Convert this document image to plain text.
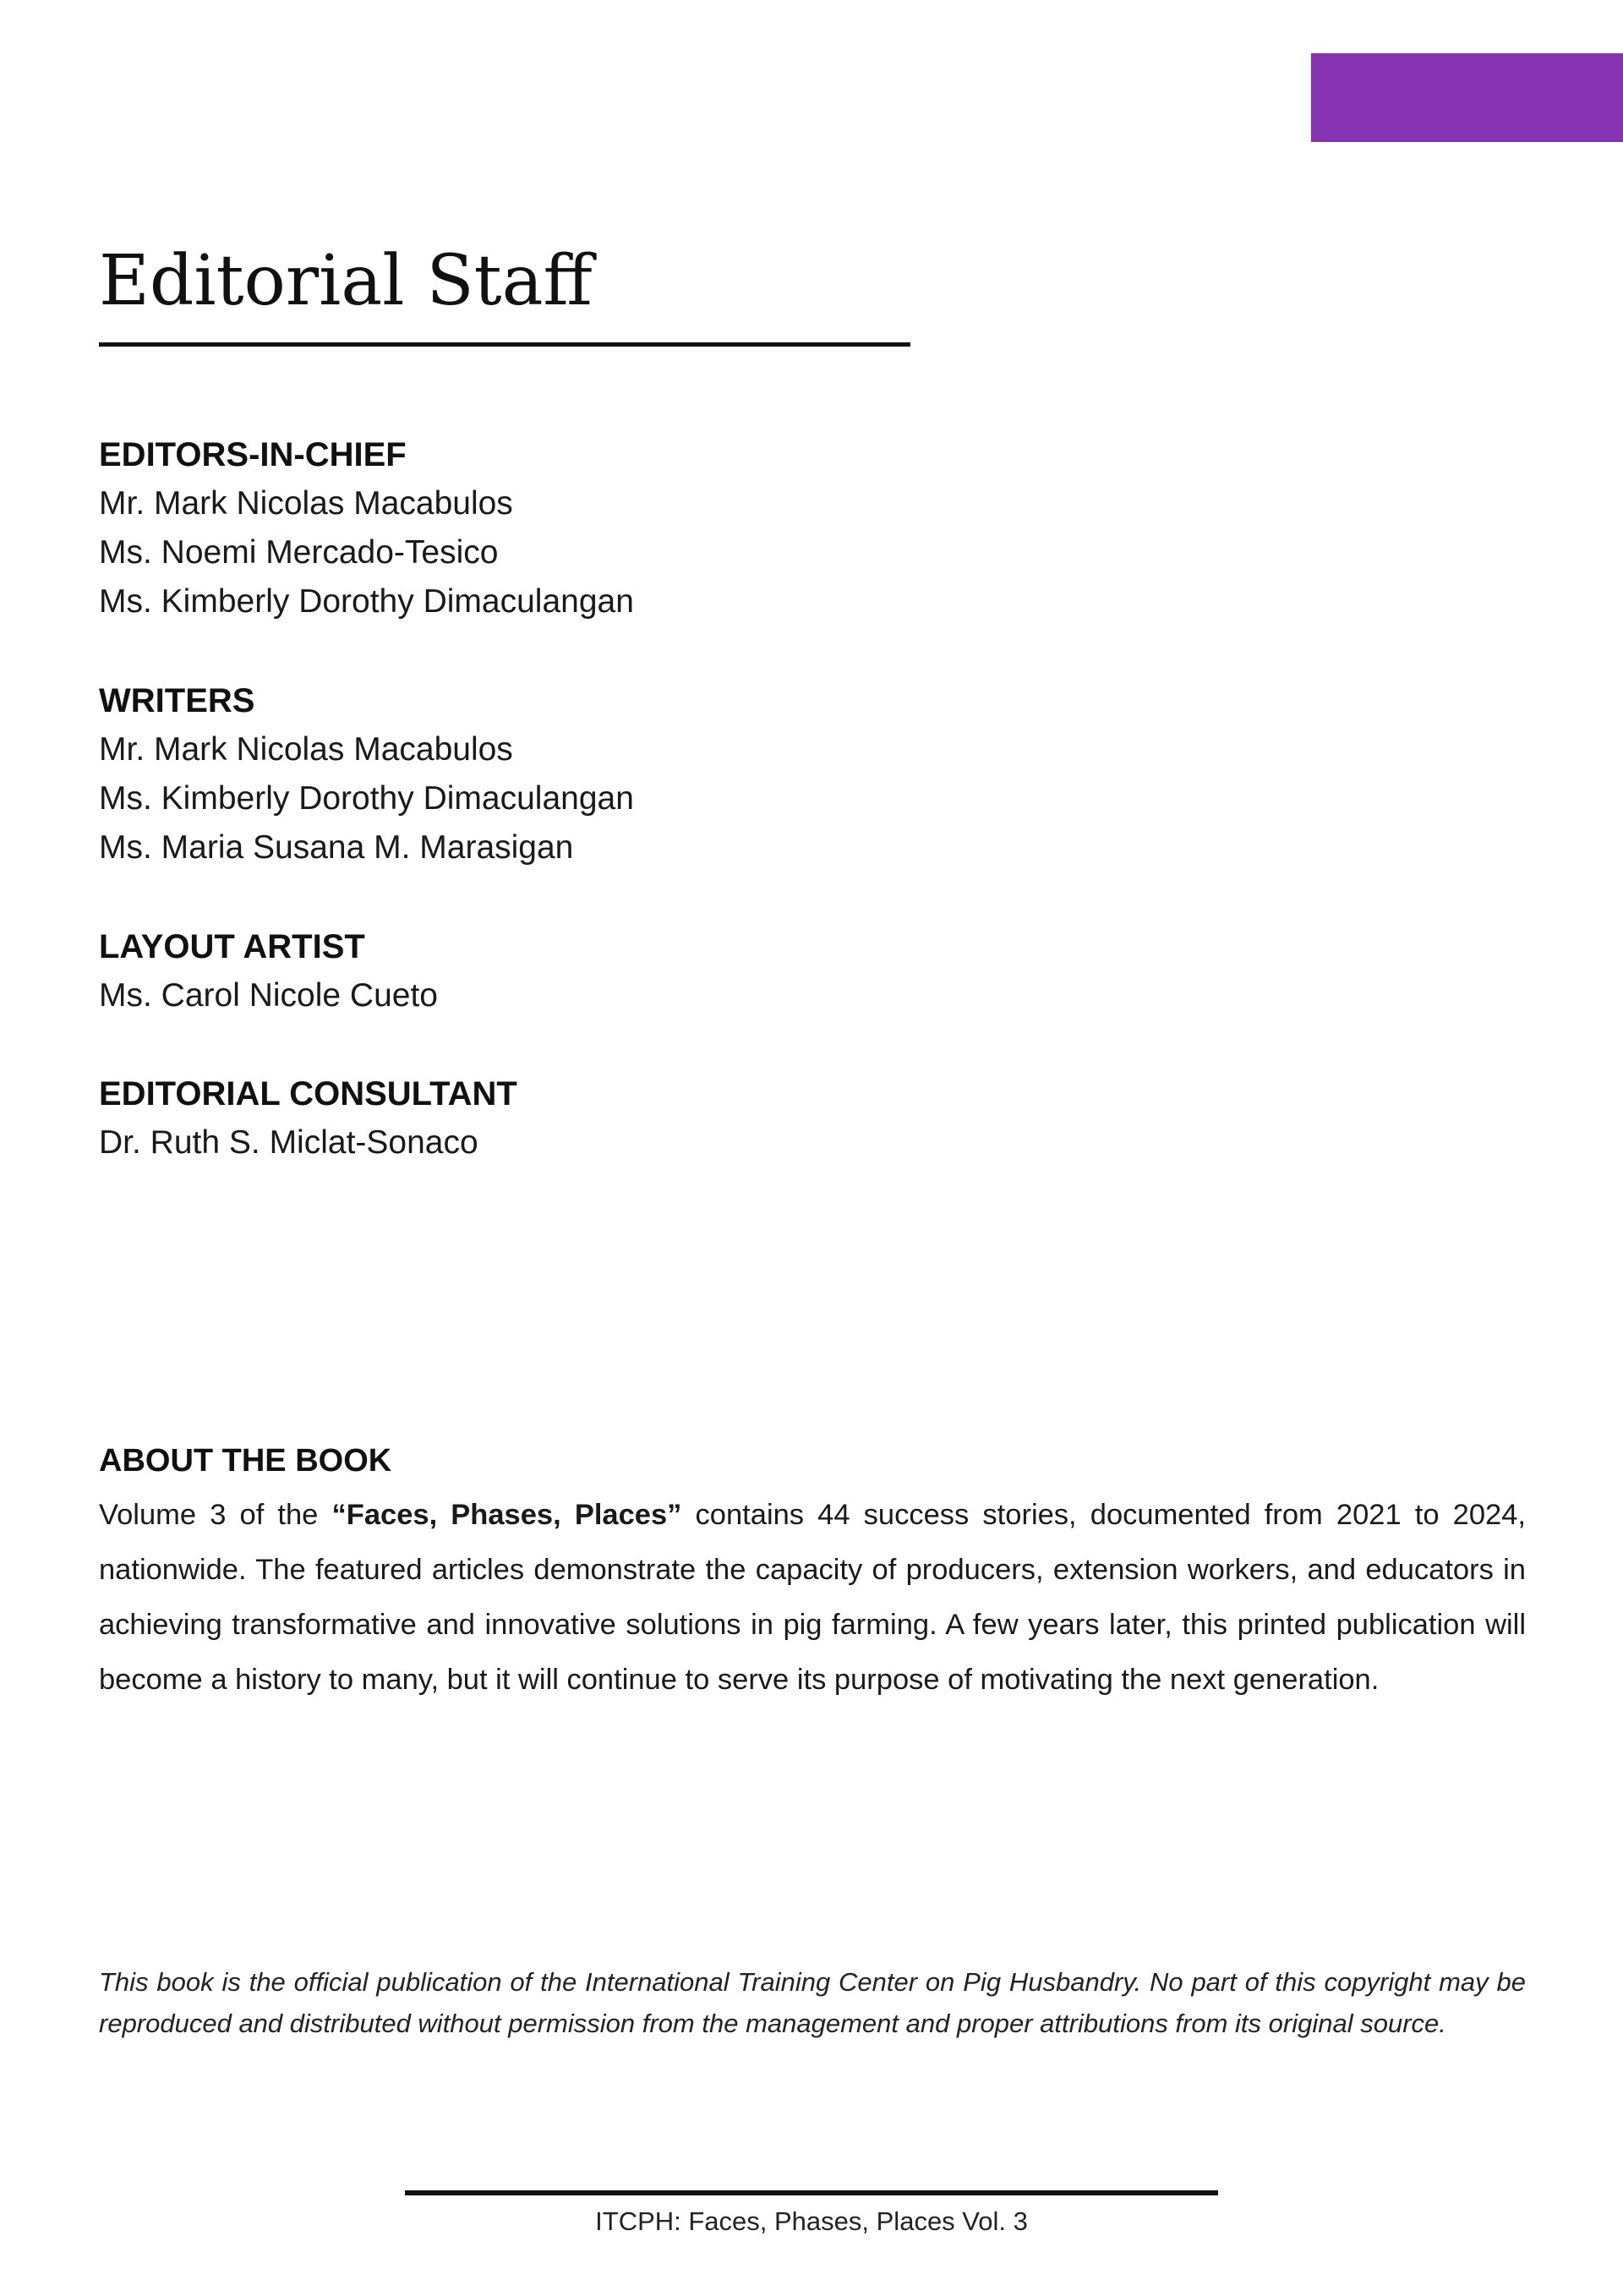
Editorial Staff
EDITORS-IN-CHIEF
Mr. Mark Nicolas Macabulos
Ms. Noemi Mercado-Tesico
Ms. Kimberly Dorothy Dimaculangan
WRITERS
Mr. Mark Nicolas Macabulos
Ms. Kimberly Dorothy Dimaculangan
Ms. Maria Susana M. Marasigan
LAYOUT ARTIST
Ms. Carol Nicole Cueto
EDITORIAL CONSULTANT
Dr. Ruth S. Miclat-Sonaco
ABOUT THE BOOK

Volume 3 of the “Faces, Phases, Places” contains 44 success stories, documented from 2021 to 2024, nationwide. The featured articles demonstrate the capacity of producers, extension workers, and educators in achieving transformative and innovative solutions in pig farming. A few years later, this printed publication will become a history to many, but it will continue to serve its purpose of motivating the next generation.

This book is the official publication of the International Training Center on Pig Husbandry. No part of this copyright may be reproduced and distributed without permission from the management and proper attributions from its original source.

ITCPH: Faces, Phases, Places Vol. 3
